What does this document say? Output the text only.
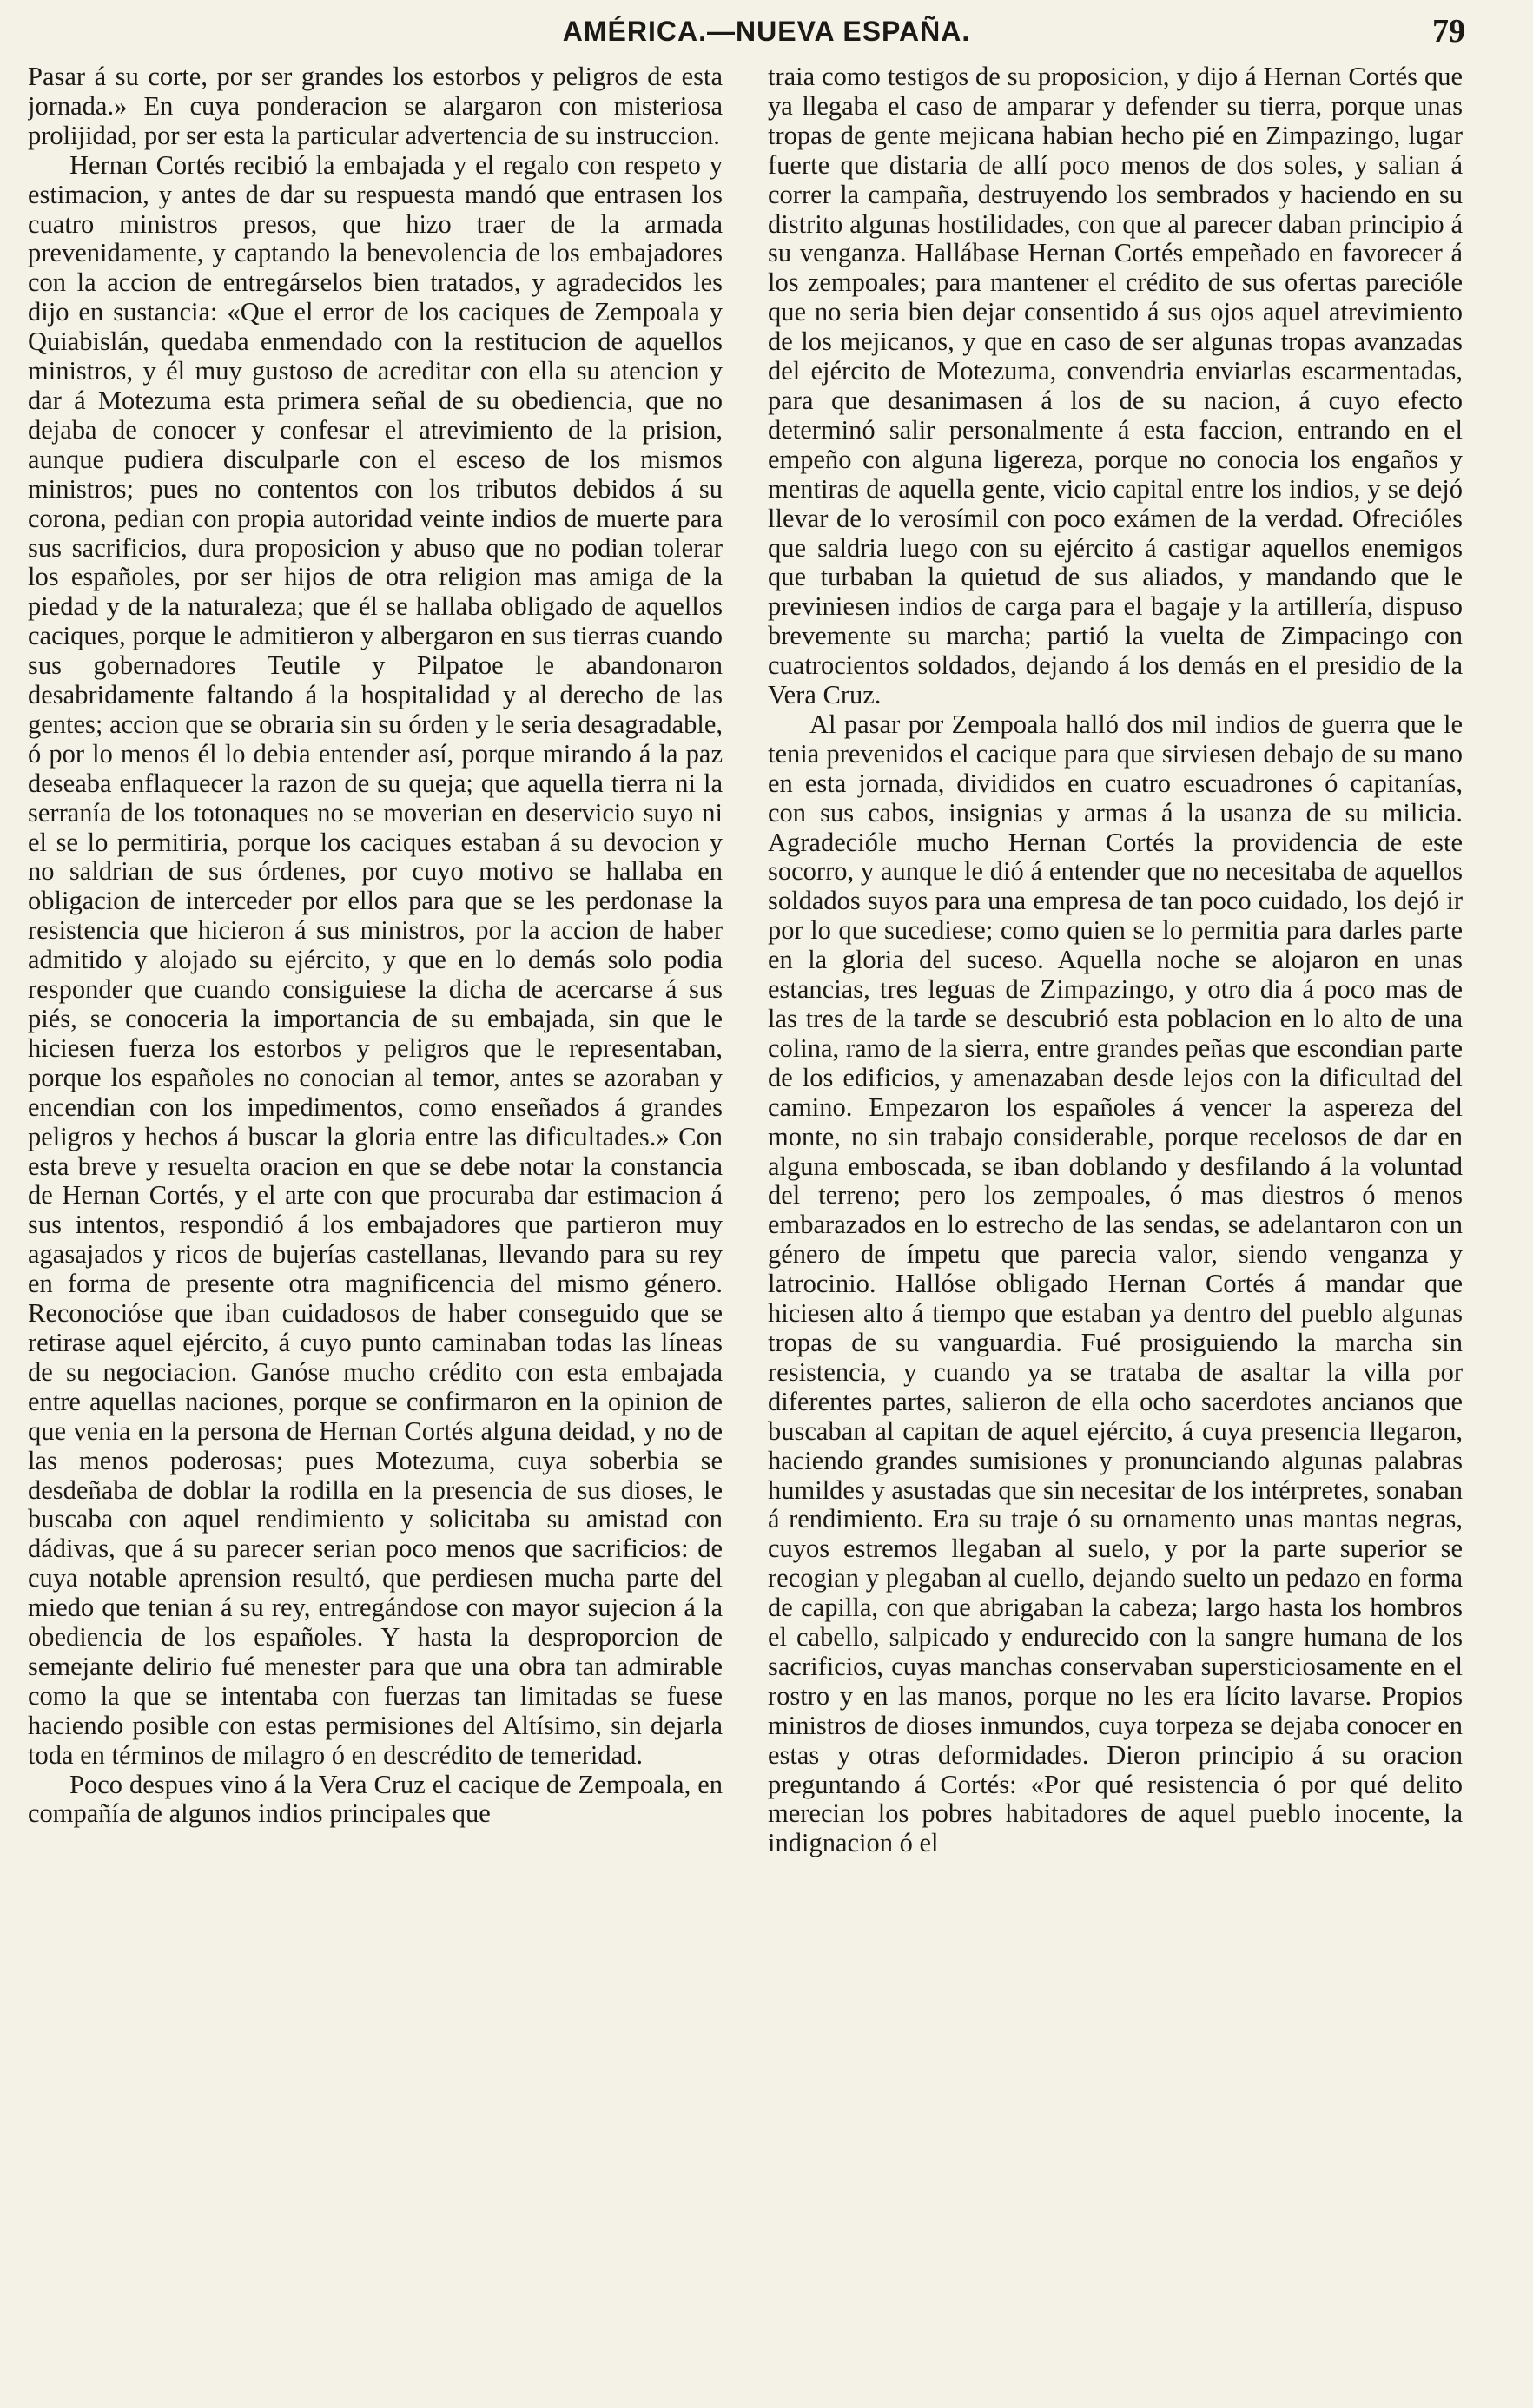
AMÉRICA.—NUEVA ESPAÑA.	79

Pasar á su corte, por ser grandes los estorbos y peligros de esta jornada.» En cuya ponderacion se alargaron con misteriosa prolijidad, por ser esta la particular advertencia de su instruccion.

Hernan Cortés recibió la embajada y el regalo con respeto y estimacion, y antes de dar su respuesta mandó que entrasen los cuatro ministros presos, que hizo traer de la armada prevenidamente, y captando la benevolencia de los embajadores con la accion de entregárselos bien tratados, y agradecidos les dijo en sustancia: «Que el error de los caciques de Zempoala y Quiabislán, quedaba enmendado con la restitucion de aquellos ministros, y él muy gustoso de acreditar con ella su atencion y dar á Motezuma esta primera señal de su obediencia, que no dejaba de conocer y confesar el atrevimiento de la prision, aunque pudiera disculparle con el esceso de los mismos ministros; pues no contentos con los tributos debidos á su corona, pedian con propia autoridad veinte indios de muerte para sus sacrificios, dura proposicion y abuso que no podian tolerar los españoles, por ser hijos de otra religion mas amiga de la piedad y de la naturaleza; que él se hallaba obligado de aquellos caciques, porque le admitieron y albergaron en sus tierras cuando sus gobernadores Teutile y Pilpatoe le abandonaron desabridamente faltando á la hospitalidad y al derecho de las gentes; accion que se obraria sin su órden y le seria desagradable, ó por lo menos él lo debia entender así, porque mirando á la paz deseaba enflaquecer la razon de su queja; que aquella tierra ni la serranía de los totonaques no se moverian en deservicio suyo ni el se lo permitiria, porque los caciques estaban á su devocion y no saldrian de sus órdenes, por cuyo motivo se hallaba en obligacion de interceder por ellos para que se les perdonase la resistencia que hicieron á sus ministros, por la accion de haber admitido y alojado su ejército, y que en lo demás solo podia responder que cuando consiguiese la dicha de acercarse á sus piés, se conoceria la importancia de su embajada, sin que le hiciesen fuerza los estorbos y peligros que le representaban, porque los españoles no conocian al temor, antes se azoraban y encendian con los impedimentos, como enseñados á grandes peligros y hechos á buscar la gloria entre las dificultades.» Con esta breve y resuelta oracion en que se debe notar la constancia de Hernan Cortés, y el arte con que procuraba dar estimacion á sus intentos, respondió á los embajadores que partieron muy agasajados y ricos de bujerías castellanas, llevando para su rey en forma de presente otra magnificencia del mismo género. Reconocióse que iban cuidadosos de haber conseguido que se retirase aquel ejército, á cuyo punto caminaban todas las líneas de su negociacion. Ganóse mucho crédito con esta embajada entre aquellas naciones, porque se confirmaron en la opinion de que venia en la persona de Hernan Cortés alguna deidad, y no de las menos poderosas; pues Motezuma, cuya soberbia se desdeñaba de doblar la rodilla en la presencia de sus dioses, le buscaba con aquel rendimiento y solicitaba su amistad con dádivas, que á su parecer serian poco menos que sacrificios: de cuya notable aprension resultó, que perdiesen mucha parte del miedo que tenian á su rey, entregándose con mayor sujecion á la obediencia de los españoles. Y hasta la desproporcion de semejante delirio fué menester para que una obra tan admirable como la que se intentaba con fuerzas tan limitadas se fuese haciendo posible con estas permisiones del Altísimo, sin dejarla toda en términos de milagro ó en descrédito de temeridad.

Poco despues vino á la Vera Cruz el cacique de Zempoala, en compañía de algunos indios principales que

traia como testigos de su proposicion, y dijo á Hernan Cortés que ya llegaba el caso de amparar y defender su tierra, porque unas tropas de gente mejicana habian hecho pié en Zimpazingo, lugar fuerte que distaria de allí poco menos de dos soles, y salian á correr la campaña, destruyendo los sembrados y haciendo en su distrito algunas hostilidades, con que al parecer daban principio á su venganza. Hallábase Hernan Cortés empeñado en favorecer á los zempoales; para mantener el crédito de sus ofertas parecióle que no seria bien dejar consentido á sus ojos aquel atrevimiento de los mejicanos, y que en caso de ser algunas tropas avanzadas del ejército de Motezuma, convendria enviarlas escarmentadas, para que desanimasen á los de su nacion, á cuyo efecto determinó salir personalmente á esta faccion, entrando en el empeño con alguna ligereza, porque no conocia los engaños y mentiras de aquella gente, vicio capital entre los indios, y se dejó llevar de lo verosímil con poco exámen de la verdad. Ofrecióles que saldria luego con su ejército á castigar aquellos enemigos que turbaban la quietud de sus aliados, y mandando que le previniesen indios de carga para el bagaje y la artillería, dispuso brevemente su marcha; partió la vuelta de Zimpacingo con cuatrocientos soldados, dejando á los demás en el presidio de la Vera Cruz.

Al pasar por Zempoala halló dos mil indios de guerra que le tenia prevenidos el cacique para que sirviesen debajo de su mano en esta jornada, divididos en cuatro escuadrones ó capitanías, con sus cabos, insignias y armas á la usanza de su milicia. Agradecióle mucho Hernan Cortés la providencia de este socorro, y aunque le dió á entender que no necesitaba de aquellos soldados suyos para una empresa de tan poco cuidado, los dejó ir por lo que sucediese; como quien se lo permitia para darles parte en la gloria del suceso. Aquella noche se alojaron en unas estancias, tres leguas de Zimpazingo, y otro dia á poco mas de las tres de la tarde se descubrió esta poblacion en lo alto de una colina, ramo de la sierra, entre grandes peñas que escondian parte de los edificios, y amenazaban desde lejos con la dificultad del camino. Empezaron los españoles á vencer la aspereza del monte, no sin trabajo considerable, porque recelosos de dar en alguna emboscada, se iban doblando y desfilando á la voluntad del terreno; pero los zempoales, ó mas diestros ó menos embarazados en lo estrecho de las sendas, se adelantaron con un género de ímpetu que parecia valor, siendo venganza y latrocinio. Hallóse obligado Hernan Cortés á mandar que hiciesen alto á tiempo que estaban ya dentro del pueblo algunas tropas de su vanguardia. Fué prosiguiendo la marcha sin resistencia, y cuando ya se trataba de asaltar la villa por diferentes partes, salieron de ella ocho sacerdotes ancianos que buscaban al capitan de aquel ejército, á cuya presencia llegaron, haciendo grandes sumisiones y pronunciando algunas palabras humildes y asustadas que sin necesitar de los intérpretes, sonaban á rendimiento. Era su traje ó su ornamento unas mantas negras, cuyos estremos llegaban al suelo, y por la parte superior se recogian y plegaban al cuello, dejando suelto un pedazo en forma de capilla, con que abrigaban la cabeza; largo hasta los hombros el cabello, salpicado y endurecido con la sangre humana de los sacrificios, cuyas manchas conservaban supersticiosamente en el rostro y en las manos, porque no les era lícito lavarse. Propios ministros de dioses inmundos, cuya torpeza se dejaba conocer en estas y otras deformidades. Dieron principio á su oracion preguntando á Cortés: «Por qué resistencia ó por qué delito merecian los pobres habitadores de aquel pueblo inocente, la indignacion ó el
